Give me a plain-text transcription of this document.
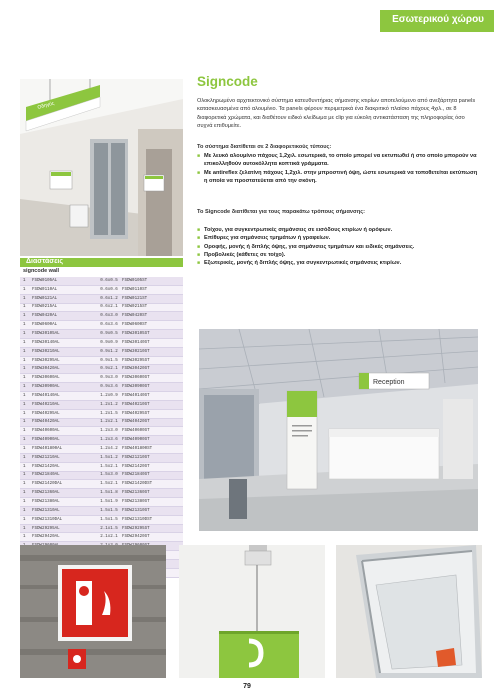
Εσωτερικού χώρου
Οδηγός
Διαστάσεις
signcode wall
1	FSDW0105AL	0.6x0.5	FSDW0105ST
1	FSDW0110AL	0.6x0.6	FSDW0110ST
1	FSDW0121AL	0.6x1.2	FSDW0121ST
1	FSDW0215AL	0.6x2.1	FSDW0215ST
1	FSDW0420AL	0.6x3.0	FSDW0420ST
1	FSDW0600AL	0.6x3.6	FSDW0600ST
1	FSDW30105AL	0.9x0.5	FSDW30105ST
1	FSDW30140AL	0.9x0.9	FSDW30140ST
1	FSDW30210AL	0.9x1.2	FSDW30210ST
1	FSDW30295AL	0.9x1.5	FSDW30295ST
1	FSDW30420AL	0.9x2.1	FSDW30420ST
1	FSDW30600AL	0.9x3.0	FSDW30600ST
1	FSDW30900AL	0.9x3.6	FSDW30900ST
1	FSDW40140AL	1.2x0.9	FSDW40140ST
1	FSDW40210AL	1.2x1.2	FSDW40210ST
1	FSDW40295AL	1.2x1.5	FSDW40295ST
1	FSDW40420AL	1.2x2.1	FSDW40420ST
1	FSDW40600AL	1.2x3.0	FSDW40600ST
1	FSDW40900AL	1.2x3.6	FSDW40900ST
1	FSDW401800AL	1.2x4.2	FSDW401800ST
1	FSDW21210AL	1.5x1.2	FSDW21210ST
1	FSDW21420AL	1.5x2.1	FSDW21420ST
1	FSDW21840AL	1.5x3.0	FSDW21840ST
1	FSDW21420DAL	1.5x2.1	FSDW21420DST
1	FSDW21360AL	1.5x1.8	FSDW21360ST
1	FSDW21380AL	1.5x1.9	FSDW21380ST
1	FSDW21310AL	1.5x1.5	FSDW21310ST
1	FSDW21310DAL	1.5x1.5	FSDW21310DST
1	FSDW29295AL	2.1x1.5	FSDW29295ST
1	FSDW29420AL	2.1x2.1	FSDW29420ST
Signcode

Ολοκληρωμένο αρχιτεκτονικό σύστημα κατευθυντήριας σήμανσης κτιρίων αποτελούμενο από ανεξάρτητα panels κατασκευασμένα από αλουμίνιο. Τα panels φέρουν περιμετρικά ένα διακριτικό πλαίσιο πάχους 4χιλ., σε 8 διαφορετικά χρώματα, και διαθέτουν ειδικό κλείδωμα με clip για εύκολη αντικατάσταση της πληροφορίας όσο συχνά επιθυμείτε.

Το σύστημα διατίθεται σε 2 διαφορετικούς τύπους:

■ Με λευκό αλουμίνιο πάχους 1,2χιλ. εσωτερικά, το οποίο μπορεί να εκτυπωθεί ή στο οποίο μπορούν να επικολληθούν αυτοκόλλητα κοπτικά γράμματα.
■ Με antireflex ζελατίνη πάχους 1,2χιλ. στην μπροστινή όψη, ώστε εσωτερικά να τοποθετείται εκτύπωση η οποία να προστατεύεται από την σκόνη.

To Signcode διατίθεται για τους παρακάτω τρόπους σήμανσης:

■ Τοίχου, για συγκεντρωτικές σημάνσεις σε εισόδους κτιρίων ή ορόφων.
■ Επίθυρες για σημάνσεις τμημάτων ή γραφείων.
■ Οροφής, μονής ή διπλής όψης, για σημάνσεις τμημάτων και ειδικές σημάνσεις.
■ Προβολικές (κάθετες σε τοίχο).
■ Εξωτερικές, μονής ή διπλής όψης, για συγκεντρωτικές σημάνσεις κτιρίων.
Reception
79
